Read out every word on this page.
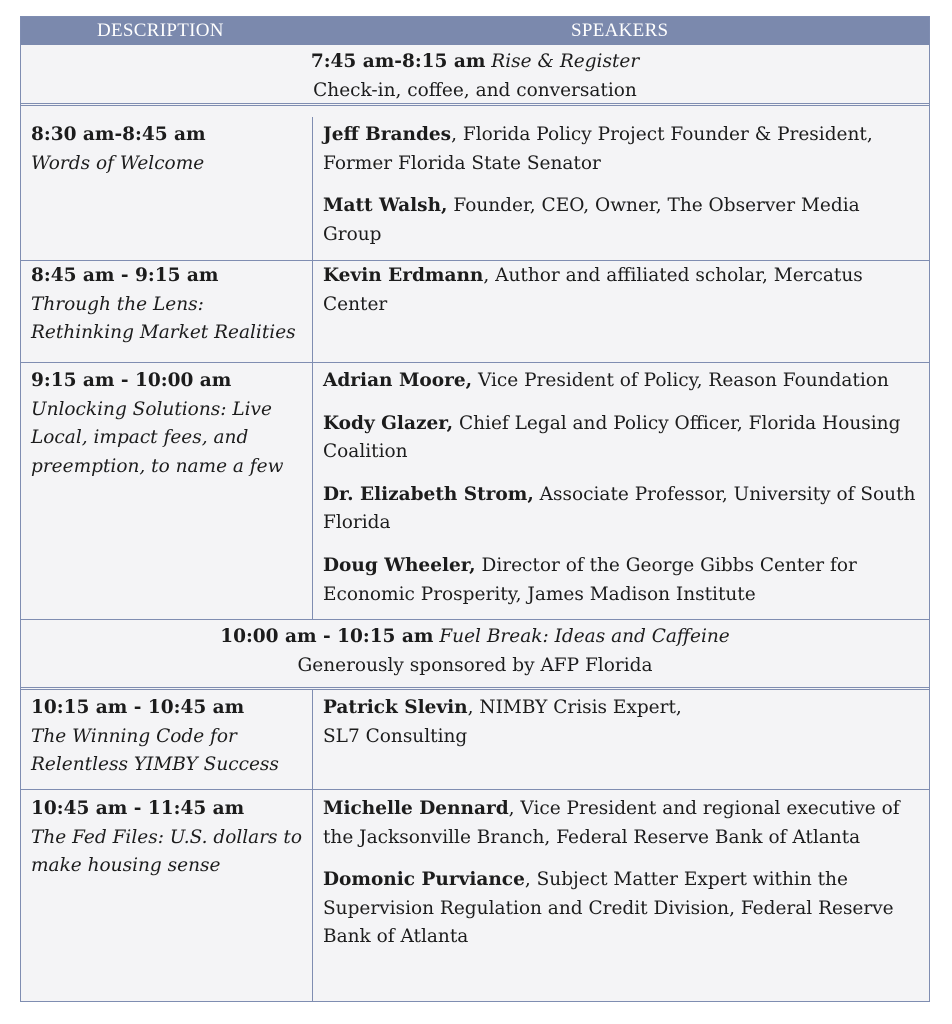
DESCRIPTION	SPEAKERS
7:45 am-8:15 am Rise & Register
Check-in, coffee, and conversation
8:30 am-8:45 am
Words of Welcome
Jeff Brandes, Florida Policy Project Founder & President, Former Florida State Senator
Matt Walsh, Founder, CEO, Owner, The Observer Media Group
8:45 am - 9:15 am
Through the Lens: Rethinking Market Realities
Kevin Erdmann, Author and affiliated scholar, Mercatus Center
9:15 am - 10:00 am
Unlocking Solutions: Live Local, impact fees, and preemption, to name a few
Adrian Moore, Vice President of Policy, Reason Foundation
Kody Glazer, Chief Legal and Policy Officer, Florida Housing Coalition
Dr. Elizabeth Strom, Associate Professor, University of South Florida
Doug Wheeler, Director of the George Gibbs Center for Economic Prosperity, James Madison Institute
10:00 am - 10:15 am Fuel Break: Ideas and Caffeine
Generously sponsored by AFP Florida
10:15 am - 10:45 am
The Winning Code for Relentless YIMBY Success
Patrick Slevin, NIMBY Crisis Expert, SL7 Consulting
10:45 am - 11:45 am
The Fed Files: U.S. dollars to make housing sense
Michelle Dennard, Vice President and regional executive of the Jacksonville Branch, Federal Reserve Bank of Atlanta
Domonic Purviance, Subject Matter Expert within the Supervision Regulation and Credit Division, Federal Reserve Bank of Atlanta
